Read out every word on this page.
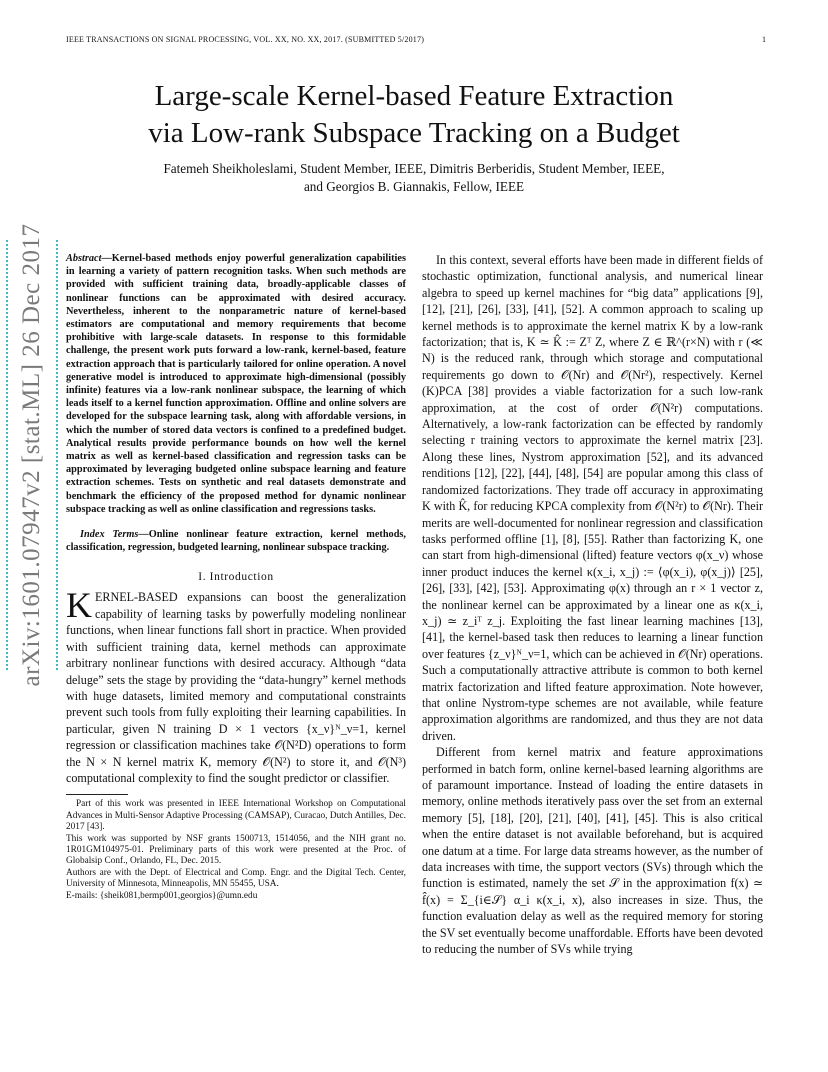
IEEE TRANSACTIONS ON SIGNAL PROCESSING, VOL. XX, NO. XX, 2017. (SUBMITTED 5/2017)	1
Large-scale Kernel-based Feature Extraction
via Low-rank Subspace Tracking on a Budget
Fatemeh Sheikholeslami, Student Member, IEEE, Dimitris Berberidis, Student Member, IEEE,
and Georgios B. Giannakis, Fellow, IEEE
arXiv:1601.07947v2 [stat.ML] 26 Dec 2017 Abstract—Kernel-based methods enjoy powerful generalization capabilities in learning a variety of pattern recognition tasks. When such methods are provided with sufficient training data, broadly-applicable classes of nonlinear functions can be approximated with desired accuracy. Nevertheless, inherent to the nonparametric nature of kernel-based estimators are computational and memory requirements that become prohibitive with large-scale datasets. In response to this formidable challenge, the present work puts forward a low-rank, kernel-based, feature extraction approach that is particularly tailored for online operation. A novel generative model is introduced to approximate high-dimensional (possibly infinite) features via a low-rank nonlinear subspace, the learning of which leads itself to a kernel function approximation. Offline and online solvers are developed for the subspace learning task, along with affordable versions, in which the number of stored data vectors is confined to a predefined budget. Analytical results provide performance bounds on how well the kernel matrix as well as kernel-based classification and regression tasks can be approximated by leveraging budgeted online subspace learning and feature extraction schemes. Tests on synthetic and real datasets demonstrate and benchmark the efficiency of the proposed method for dynamic nonlinear subspace tracking as well as online classification and regressions tasks.

Index Terms—Online nonlinear feature extraction, kernel methods, classification, regression, budgeted learning, nonlinear subspace tracking.

I. Introduction

KERNEL-BASED expansions can boost the generalization capability of learning tasks by powerfully modeling nonlinear functions, when linear functions fall short in practice. When provided with sufficient training data, kernel methods can approximate arbitrary nonlinear functions with desired accuracy. Although “data deluge” sets the stage by providing the “data-hungry” kernel methods with huge datasets, limited memory and computational constraints prevent such tools from fully exploiting their learning capabilities. In particular, given N training D × 1 vectors {x_ν}ᴺ_ν=1, kernel regression or classification machines take 𝒪(N²D) operations to form the N × N kernel matrix K, memory 𝒪(N²) to store it, and 𝒪(N³) computational complexity to find the sought predictor or classifier.

Part of this work was presented in IEEE International Workshop on Computational Advances in Multi-Sensor Adaptive Processing (CAMSAP), Curacao, Dutch Antilles, Dec. 2017 [43].

This work was supported by NSF grants 1500713, 1514056, and the NIH grant no. 1R01GM104975-01. Preliminary parts of this work were presented at the Proc. of Globalsip Conf., Orlando, FL, Dec. 2015.

Authors are with the Dept. of Electrical and Comp. Engr. and the Digital Tech. Center, University of Minnesota, Minneapolis, MN 55455, USA.

E-mails: {sheik081,bermp001,georgios}@umn.edu

In this context, several efforts have been made in different fields of stochastic optimization, functional analysis, and numerical linear algebra to speed up kernel machines for “big data” applications [9], [12], [21], [26], [33], [41], [52]. A common approach to scaling up kernel methods is to approximate the kernel matrix K by a low-rank factorization; that is, K ≃ K̂ := Zᵀ Z, where Z ∈ ℝ^(r×N) with r (≪ N) is the reduced rank, through which storage and computational requirements go down to 𝒪(Nr) and 𝒪(Nr²), respectively. Kernel (K)PCA [38] provides a viable factorization for a such low-rank approximation, at the cost of order 𝒪(N²r) computations. Alternatively, a low-rank factorization can be effected by randomly selecting r training vectors to approximate the kernel matrix [23]. Along these lines, Nystrom approximation [52], and its advanced renditions [12], [22], [44], [48], [54] are popular among this class of randomized factorizations. They trade off accuracy in approximating K with K̂, for reducing KPCA complexity from 𝒪(N²r) to 𝒪(Nr). Their merits are well-documented for nonlinear regression and classification tasks performed offline [1], [8], [55]. Rather than factorizing K, one can start from high-dimensional (lifted) feature vectors φ(x_ν) whose inner product induces the kernel κ(x_i, x_j) := ⟨φ(x_i), φ(x_j)⟩ [25], [26], [33], [42], [53]. Approximating φ(x) through an r × 1 vector z, the nonlinear kernel can be approximated by a linear one as κ(x_i, x_j) ≃ z_iᵀ z_j. Exploiting the fast linear learning machines [13], [41], the kernel-based task then reduces to learning a linear function over features {z_ν}ᴺ_ν=1, which can be achieved in 𝒪(Nr) operations. Such a computationally attractive attribute is common to both kernel matrix factorization and lifted feature approximation. Note however, that online Nystrom-type schemes are not available, while feature approximation algorithms are randomized, and thus they are not data driven.

Different from kernel matrix and feature approximations performed in batch form, online kernel-based learning algorithms are of paramount importance. Instead of loading the entire datasets in memory, online methods iteratively pass over the set from an external memory [5], [18], [20], [21], [40], [41], [45]. This is also critical when the entire dataset is not available beforehand, but is acquired one datum at a time. For large data streams however, as the number of data increases with time, the support vectors (SVs) through which the function is estimated, namely the set 𝒮 in the approximation f(x) ≃ f̂(x) = Σ_{i∈𝒮} α_i κ(x_i, x), also increases in size. Thus, the function evaluation delay as well as the required memory for storing the SV set eventually become unaffordable. Efforts have been devoted to reducing the number of SVs while trying
